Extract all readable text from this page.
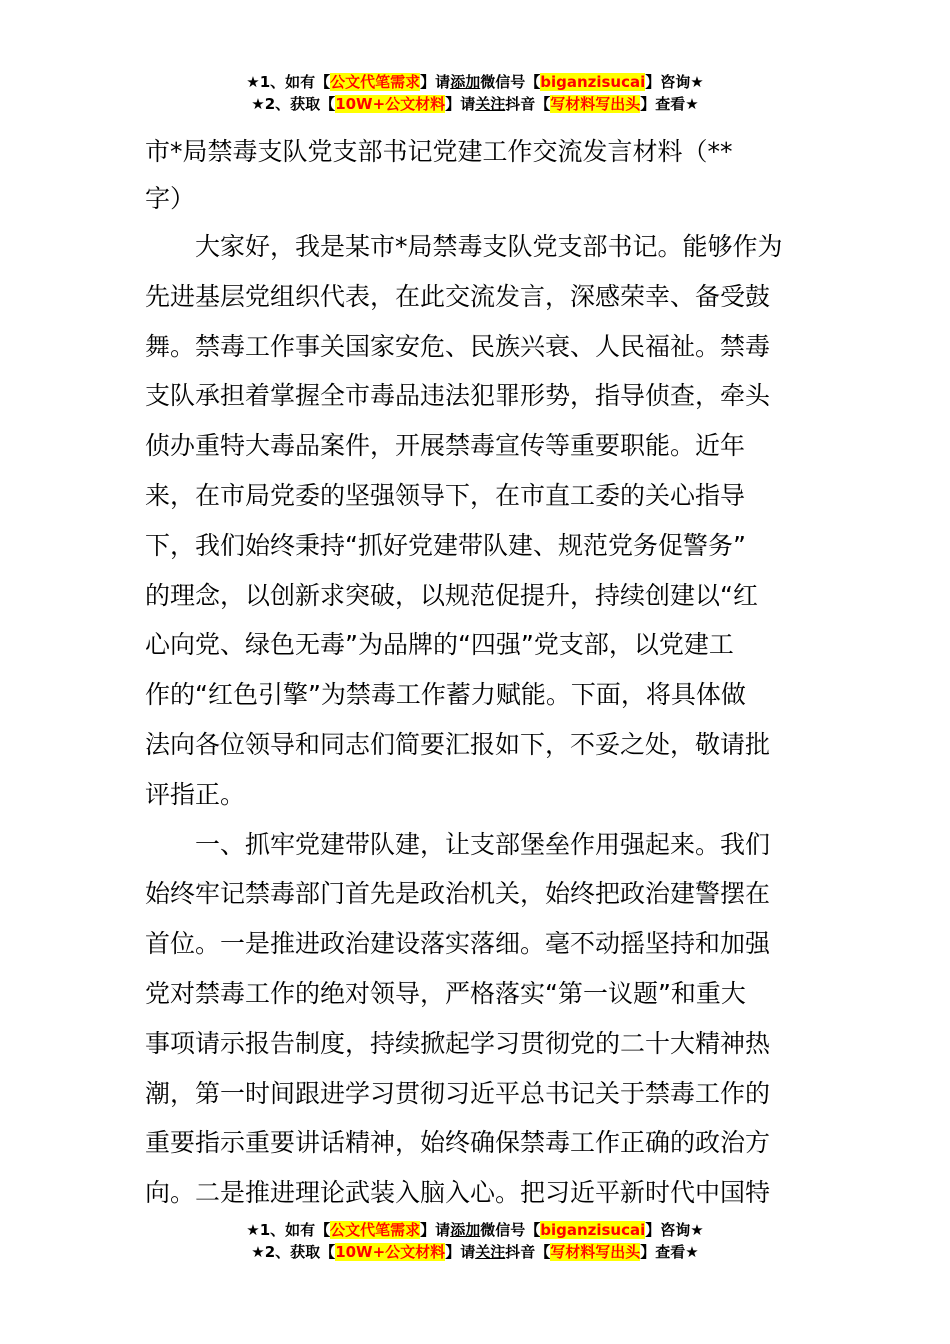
★1、如有【公文代笔需求】请添加微信号【biganzisucai】咨询★
★2、获取【10W+公文材料】请关注抖音【写材料写出头】查看★
市*局禁毒支队党支部书记党建工作交流发言材料（**
字）
大家好，我是某市*局禁毒支队党支部书记。能够作为
先进基层党组织代表，在此交流发言，深感荣幸、备受鼓
舞。禁毒工作事关国家安危、民族兴衰、人民福祉。禁毒
支队承担着掌握全市毒品违法犯罪形势，指导侦查，牵头
侦办重特大毒品案件，开展禁毒宣传等重要职能。近年
来，在市局党委的坚强领导下，在市直工委的关心指导
下，我们始终秉持“抓好党建带队建、规范党务促警务”
的理念，以创新求突破，以规范促提升，持续创建以“红
心向党、绿色无毒”为品牌的“四强”党支部，以党建工
作的“红色引擎”为禁毒工作蓄力赋能。下面，将具体做
法向各位领导和同志们简要汇报如下，不妥之处，敬请批
评指正。
一、抓牢党建带队建，让支部堡垒作用强起来。我们
始终牢记禁毒部门首先是政治机关，始终把政治建警摆在
首位。一是推进政治建设落实落细。毫不动摇坚持和加强
党对禁毒工作的绝对领导，严格落实“第一议题”和重大
事项请示报告制度，持续掀起学习贯彻党的二十大精神热
潮，第一时间跟进学习贯彻习近平总书记关于禁毒工作的
重要指示重要讲话精神，始终确保禁毒工作正确的政治方
向。二是推进理论武装入脑入心。把习近平新时代中国特
★1、如有【公文代笔需求】请添加微信号【biganzisucai】咨询★
★2、获取【10W+公文材料】请关注抖音【写材料写出头】查看★
